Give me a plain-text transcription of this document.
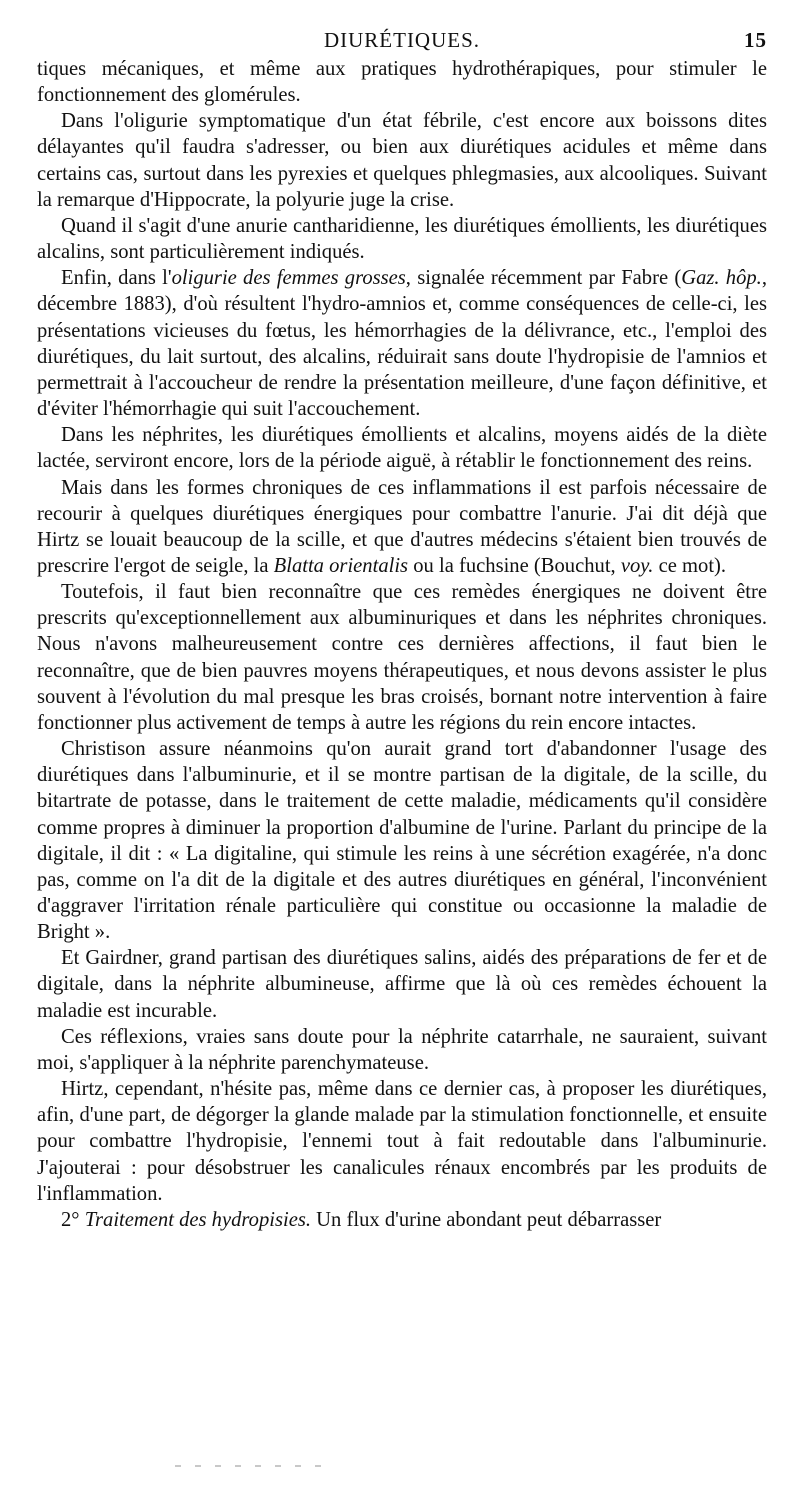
DIURÉTIQUES.	15

tiques mécaniques, et même aux pratiques hydrothérapiques, pour stimuler le fonctionnement des glomérules.

Dans l'oligurie symptomatique d'un état fébrile, c'est encore aux boissons dites délayantes qu'il faudra s'adresser, ou bien aux diurétiques acidules et même dans certains cas, surtout dans les pyrexies et quelques phlegmasies, aux alcooliques. Suivant la remarque d'Hippocrate, la polyurie juge la crise.

Quand il s'agit d'une anurie cantharidienne, les diurétiques émollients, les diurétiques alcalins, sont particulièrement indiqués.

Enfin, dans l'oligurie des femmes grosses, signalée récemment par Fabre (Gaz. hôp., décembre 1883), d'où résultent l'hydro-amnios et, comme conséquences de celle-ci, les présentations vicieuses du fœtus, les hémorrhagies de la délivrance, etc., l'emploi des diurétiques, du lait surtout, des alcalins, réduirait sans doute l'hydropisie de l'amnios et permettrait à l'accoucheur de rendre la présentation meilleure, d'une façon définitive, et d'éviter l'hémorrhagie qui suit l'accouchement.

Dans les néphrites, les diurétiques émollients et alcalins, moyens aidés de la diète lactée, serviront encore, lors de la période aiguë, à rétablir le fonctionnement des reins.

Mais dans les formes chroniques de ces inflammations il est parfois nécessaire de recourir à quelques diurétiques énergiques pour combattre l'anurie. J'ai dit déjà que Hirtz se louait beaucoup de la scille, et que d'autres médecins s'étaient bien trouvés de prescrire l'ergot de seigle, la Blatta orientalis ou la fuchsine (Bouchut, voy. ce mot).

Toutefois, il faut bien reconnaître que ces remèdes énergiques ne doivent être prescrits qu'exceptionnellement aux albuminuriques et dans les néphrites chroniques. Nous n'avons malheureusement contre ces dernières affections, il faut bien le reconnaître, que de bien pauvres moyens thérapeutiques, et nous devons assister le plus souvent à l'évolution du mal presque les bras croisés, bornant notre intervention à faire fonctionner plus activement de temps à autre les régions du rein encore intactes.

Christison assure néanmoins qu'on aurait grand tort d'abandonner l'usage des diurétiques dans l'albuminurie, et il se montre partisan de la digitale, de la scille, du bitartrate de potasse, dans le traitement de cette maladie, médicaments qu'il considère comme propres à diminuer la proportion d'albumine de l'urine. Parlant du principe de la digitale, il dit : « La digitaline, qui stimule les reins à une sécrétion exagérée, n'a donc pas, comme on l'a dit de la digitale et des autres diurétiques en général, l'inconvénient d'aggraver l'irritation rénale particulière qui constitue ou occasionne la maladie de Bright ».

Et Gairdner, grand partisan des diurétiques salins, aidés des préparations de fer et de digitale, dans la néphrite albumineuse, affirme que là où ces remèdes échouent la maladie est incurable.

Ces réflexions, vraies sans doute pour la néphrite catarrhale, ne sauraient, suivant moi, s'appliquer à la néphrite parenchymateuse.

Hirtz, cependant, n'hésite pas, même dans ce dernier cas, à proposer les diurétiques, afin, d'une part, de dégorger la glande malade par la stimulation fonctionnelle, et ensuite pour combattre l'hydropisie, l'ennemi tout à fait redoutable dans l'albuminurie. J'ajouterai : pour désobstruer les canalicules rénaux encombrés par les produits de l'inflammation.

2° Traitement des hydropisies. Un flux d'urine abondant peut débarrasser
